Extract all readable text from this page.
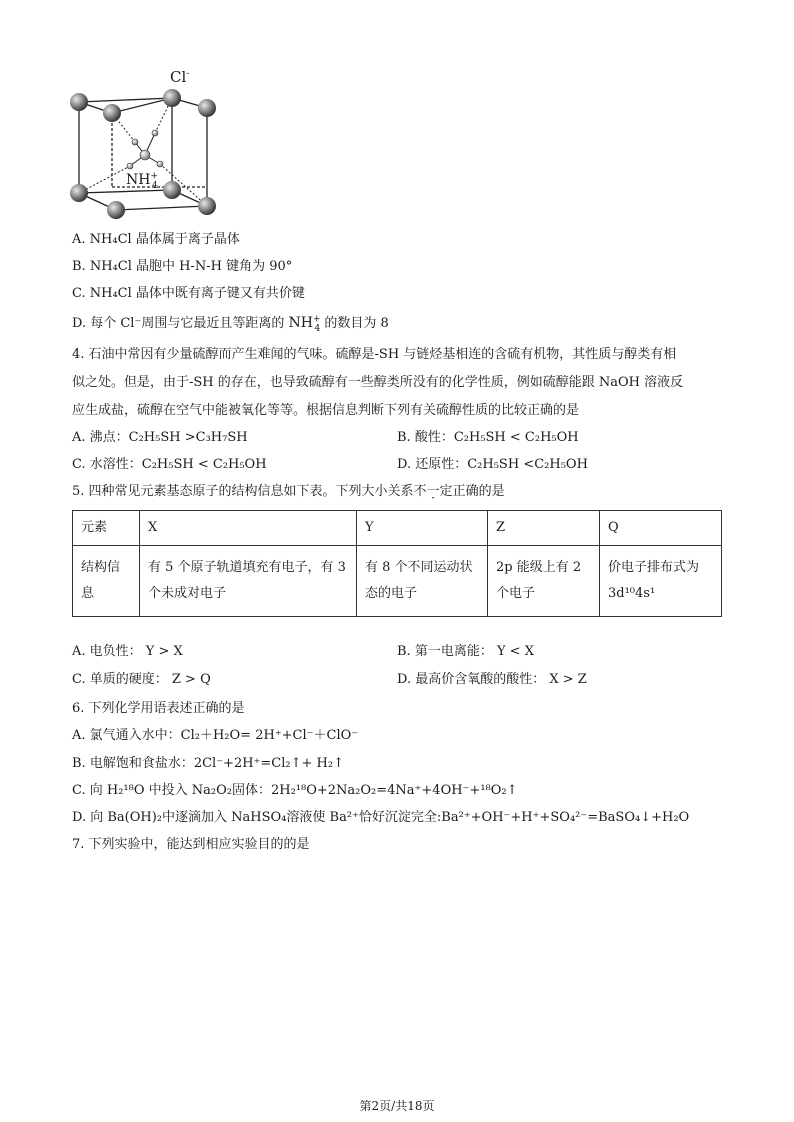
Cl-
$NH^+_4$
A. NH₄Cl 晶体属于离子晶体
B. NH₄Cl 晶胞中 H-N-H 键角为 90°
C. NH₄Cl 晶体中既有离子键又有共价键
D. 每个 Cl⁻周围与它最近且等距离的 $NH^+_4$ 的数目为 8
4. 石油中常因有少量硫醇而产生难闻的气味。硫醇是-SH 与链烃基相连的含硫有机物，其性质与醇类有相
似之处。但是，由于-SH 的存在，也导致硫醇有一些醇类所没有的化学性质，例如硫醇能跟 NaOH 溶液反
应生成盐，硫醇在空气中能被氧化等等。根据信息判断下列有关硫醇性质的比较正确的是
A. 沸点：C₂H₅SH >C₃H₇SH	B. 酸性：C₂H₅SH < C₂H₅OH
C. 水溶性：C₂H₅SH < C₂H₅OH	D. 还原性：C₂H₅SH <C₂H₅OH
5. 四种常见元素基态原子的结构信息如下表。下列大小关系不一定正确的是
元素	X	Y	Z	Q
结构信息	有 5 个原子轨道填充有电子，有 3 个未成对电子	有 8 个不同运动状态的电子	2p 能级上有 2 个电子	价电子排布式为 3d¹⁰4s¹
A. 电负性： Y > X	B. 第一电离能： Y < X
C. 单质的硬度： Z > Q	D. 最高价含氧酸的酸性： X > Z
6. 下列化学用语表述正确的是
A. 氯气通入水中：Cl₂＋H₂O= 2H⁺+Cl⁻＋ClO⁻
B. 电解饱和食盐水：2Cl⁻+2H⁺=Cl₂↑+ H₂↑
C. 向 H₂¹⁸O 中投入 Na₂O₂固体：2H₂¹⁸O+2Na₂O₂=4Na⁺+4OH⁻+¹⁸O₂↑
D. 向 Ba(OH)₂中逐滴加入 NaHSO₄溶液使 Ba²⁺恰好沉淀完全:Ba²⁺+OH⁻+H⁺+SO₄²⁻=BaSO₄↓+H₂O
7. 下列实验中，能达到相应实验目的的是
第2页/共18页
